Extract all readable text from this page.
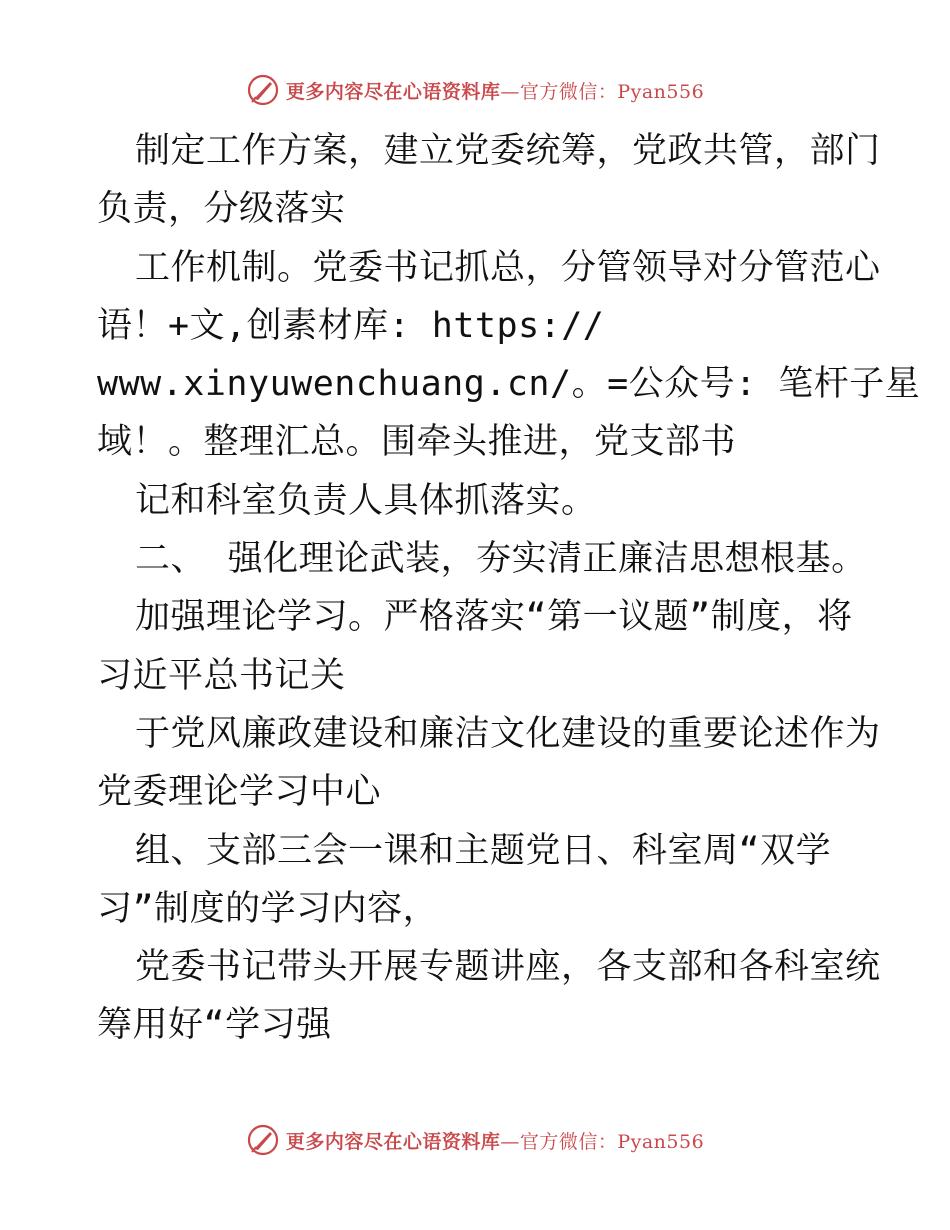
更多内容尽在心语资料库—官方微信：Pyan556
制定工作方案，建立党委统筹，党政共管，部门
负责，分级落实
工作机制。党委书记抓总，分管领导对分管范心
语！+文,创素材库: https://
www.xinyuwenchuang.cn/。=公众号: 笔杆子星
域！。整理汇总。围牵头推进，党支部书
记和科室负责人具体抓落实。
二、 强化理论武装，夯实清正廉洁思想根基。
加强理论学习。严格落实“第一议题”制度，将
习近平总书记关
于党风廉政建设和廉洁文化建设的重要论述作为
党委理论学习中心
组、支部三会一课和主题党日、科室周“双学
习”制度的学习内容，
党委书记带头开展专题讲座，各支部和各科室统
筹用好“学习强
更多内容尽在心语资料库—官方微信：Pyan556
